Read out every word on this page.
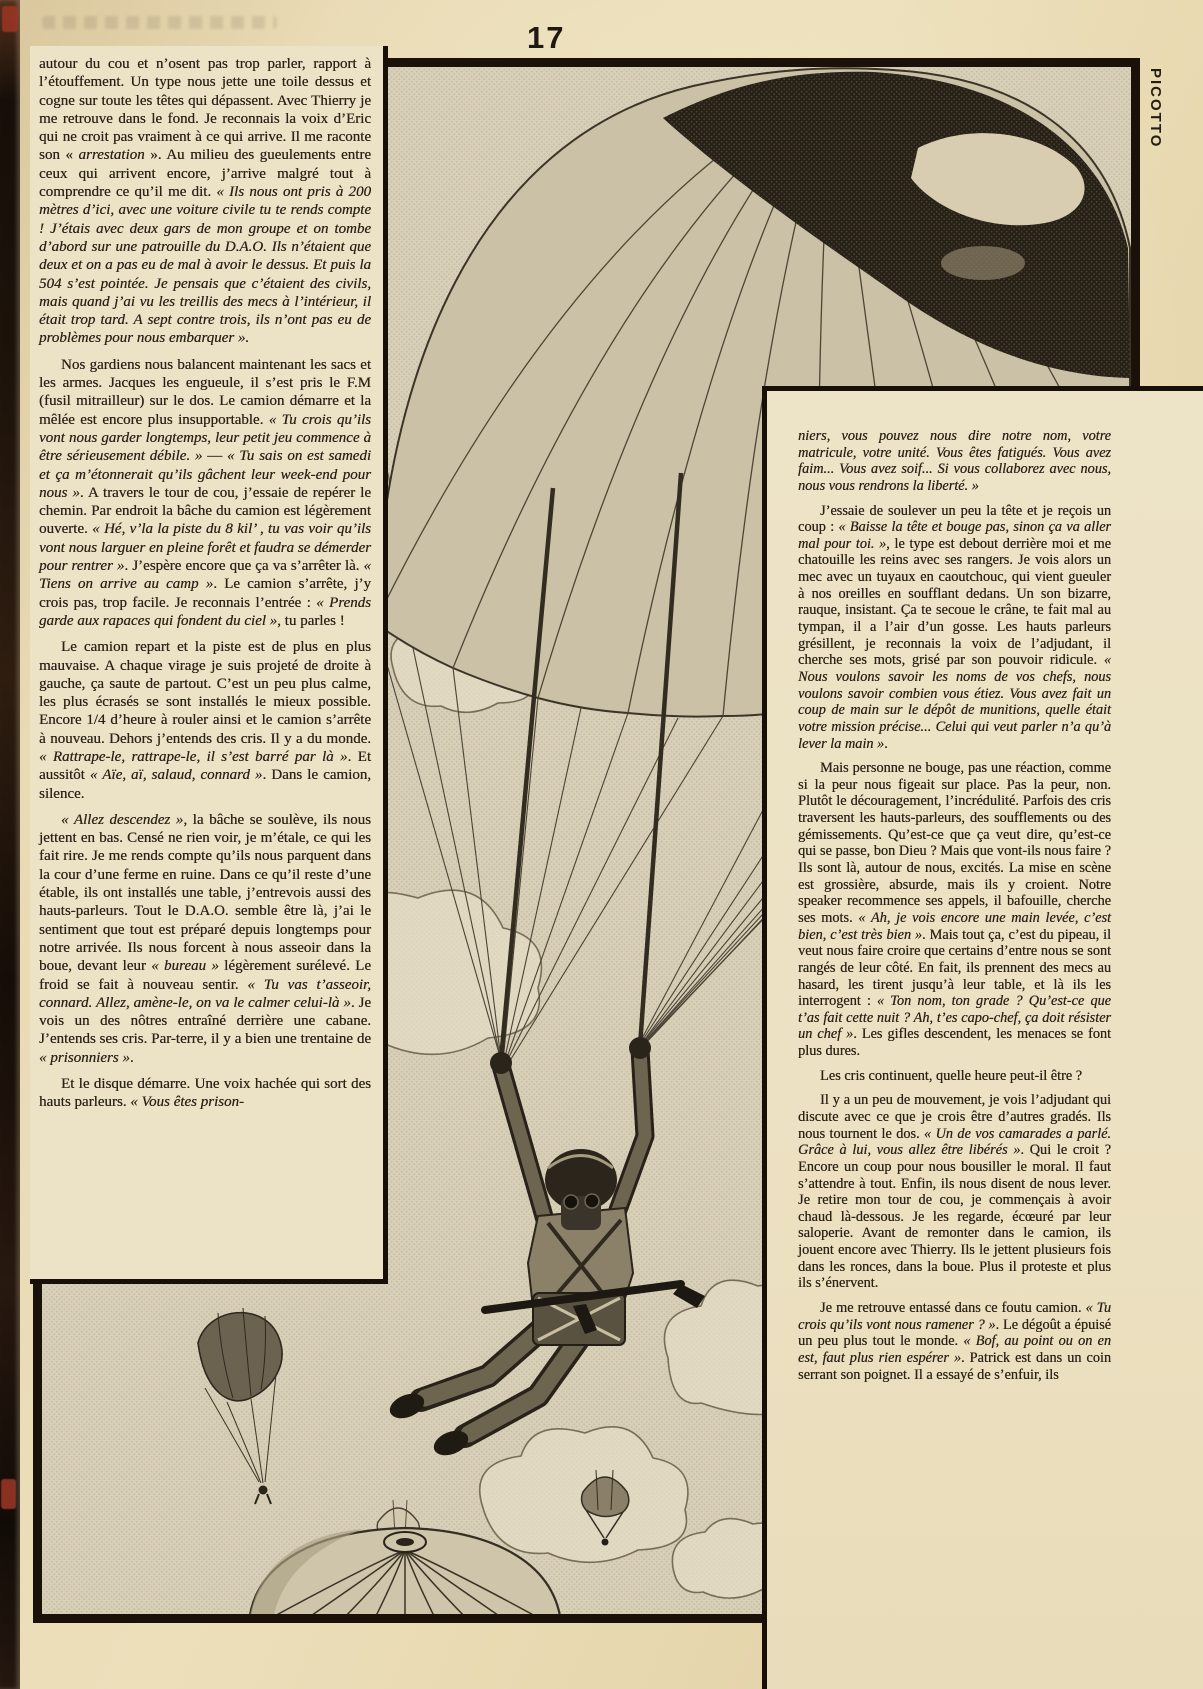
autour du cou et n’osent pas trop parler, rapport à l’étouffement. Un type nous jette une toile dessus et cogne sur toute les têtes qui dépassent. Avec Thierry je me retrouve dans le fond. Je reconnais la voix d’Eric qui ne croit pas vraiment à ce qui arrive. Il me raconte son « arrestation ». Au milieu des gueulements entre ceux qui arrivent encore, j’arrive malgré tout à comprendre ce qu’il me dit. « Ils nous ont pris à 200 mètres d’ici, avec une voiture civile tu te rends compte ! J’étais avec deux gars de mon groupe et on tombe d’abord sur une patrouille du D.A.O. Ils n’étaient que deux et on a pas eu de mal à avoir le dessus. Et puis la 504 s’est pointée. Je pensais que c’étaient des civils, mais quand j’ai vu les treillis des mecs à l’intérieur, il était trop tard. A sept contre trois, ils n’ont pas eu de problèmes pour nous embarquer ».

Nos gardiens nous balancent maintenant les sacs et les armes. Jacques les engueule, il s’est pris le F.M (fusil mitrailleur) sur le dos. Le camion démarre et la mêlée est encore plus insupportable. « Tu crois qu’ils vont nous garder longtemps, leur petit jeu commence à être sérieusement débile. » — « Tu sais on est samedi et ça m’étonnerait qu’ils gâchent leur week-end pour nous ». A travers le tour de cou, j’essaie de repérer le chemin. Par endroit la bâche du camion est légèrement ouverte. « Hé, v’la la piste du 8 kil’ , tu vas voir qu’ils vont nous larguer en pleine forêt et faudra se démerder pour rentrer ». J’espère encore que ça va s’arrêter là. « Tiens on arrive au camp ». Le camion s’arrête, j’y crois pas, trop facile. Je reconnais l’entrée : « Prends garde aux rapaces qui fondent du ciel », tu parles !

Le camion repart et la piste est de plus en plus mauvaise. A chaque virage je suis projeté de droite à gauche, ça saute de partout. C’est un peu plus calme, les plus écrasés se sont installés le mieux possible. Encore 1/4 d’heure à rouler ainsi et le camion s’arrête à nouveau. Dehors j’entends des cris. Il y a du monde. « Rattrape-le, rattrape-le, il s’est barré par là ». Et aussitôt « Aïe, aï, salaud, connard ». Dans le camion, silence.

« Allez descendez », la bâche se soulève, ils nous jettent en bas. Censé ne rien voir, je m’étale, ce qui les fait rire. Je me rends compte qu’ils nous parquent dans la cour d’une ferme en ruine. Dans ce qu’il reste d’une étable, ils ont installés une table, j’entrevois aussi des hauts-parleurs. Tout le D.A.O. semble être là, j’ai le sentiment que tout est préparé depuis longtemps pour notre arrivée. Ils nous forcent à nous asseoir dans la boue, devant leur « bureau » légèrement surélevé. Le froid se fait à nouveau sentir. « Tu vas t’asseoir, connard. Allez, amène-le, on va le calmer celui-là ». Je vois un des nôtres entraîné derrière une cabane. J’entends ses cris. Par-terre, il y a bien une trentaine de « prisonniers ».

Et le disque démarre. Une voix hachée qui sort des hauts parleurs. « Vous êtes prison-

niers, vous pouvez nous dire notre nom, votre matricule, votre unité. Vous êtes fatigués. Vous avez faim... Vous avez soif... Si vous collaborez avec nous, nous vous rendrons la liberté. »

J’essaie de soulever un peu la tête et je reçois un coup : « Baisse la tête et bouge pas, sinon ça va aller mal pour toi. », le type est debout derrière moi et me chatouille les reins avec ses rangers. Je vois alors un mec avec un tuyaux en caoutchouc, qui vient gueuler à nos oreilles en soufflant dedans. Un son bizarre, rauque, insistant. Ça te secoue le crâne, te fait mal au tympan, il a l’air d’un gosse. Les hauts parleurs grésillent, je reconnais la voix de l’adjudant, il cherche ses mots, grisé par son pouvoir ridicule. « Nous voulons savoir les noms de vos chefs, nous voulons savoir combien vous étiez. Vous avez fait un coup de main sur le dépôt de munitions, quelle était votre mission précise... Celui qui veut parler n’a qu’à lever la main ».

Mais personne ne bouge, pas une réaction, comme si la peur nous figeait sur place. Pas la peur, non. Plutôt le découragement, l’incrédulité. Parfois des cris traversent les hauts-parleurs, des soufflements ou des gémissements. Qu’est-ce que ça veut dire, qu’est-ce qui se passe, bon Dieu ? Mais que vont-ils nous faire ? Ils sont là, autour de nous, excités. La mise en scène est grossière, absurde, mais ils y croient. Notre speaker recommence ses appels, il bafouille, cherche ses mots. « Ah, je vois encore une main levée, c’est bien, c’est très bien ». Mais tout ça, c’est du pipeau, il veut nous faire croire que certains d’entre nous se sont rangés de leur côté. En fait, ils prennent des mecs au hasard, les tirent jusqu’à leur table, et là ils les interrogent : « Ton nom, ton grade ? Qu’est-ce que t’as fait cette nuit ? Ah, t’es capo-chef, ça doit résister un chef ». Les gifles descendent, les menaces se font plus dures.

Les cris continuent, quelle heure peut-il être ?

Il y a un peu de mouvement, je vois l’adjudant qui discute avec ce que je crois être d’autres gradés. Ils nous tournent le dos. « Un de vos camarades a parlé. Grâce à lui, vous allez être libérés ». Qui le croit ? Encore un coup pour nous bousiller le moral. Il faut s’attendre à tout. Enfin, ils nous disent de nous lever. Je retire mon tour de cou, je commençais à avoir chaud là-dessous. Je les regarde, écœuré par leur saloperie. Avant de remonter dans le camion, ils jouent encore avec Thierry. Ils le jettent plusieurs fois dans les ronces, dans la boue. Plus il proteste et plus ils s’énervent.

Je me retrouve entassé dans ce foutu camion. « Tu crois qu’ils vont nous ramener ? ». Le dégoût a épuisé un peu plus tout le monde. « Bof, au point ou on en est, faut plus rien espérer ». Patrick est dans un coin serrant son poignet. Il a essayé de s’enfuir, ils

17
PICOTTO
